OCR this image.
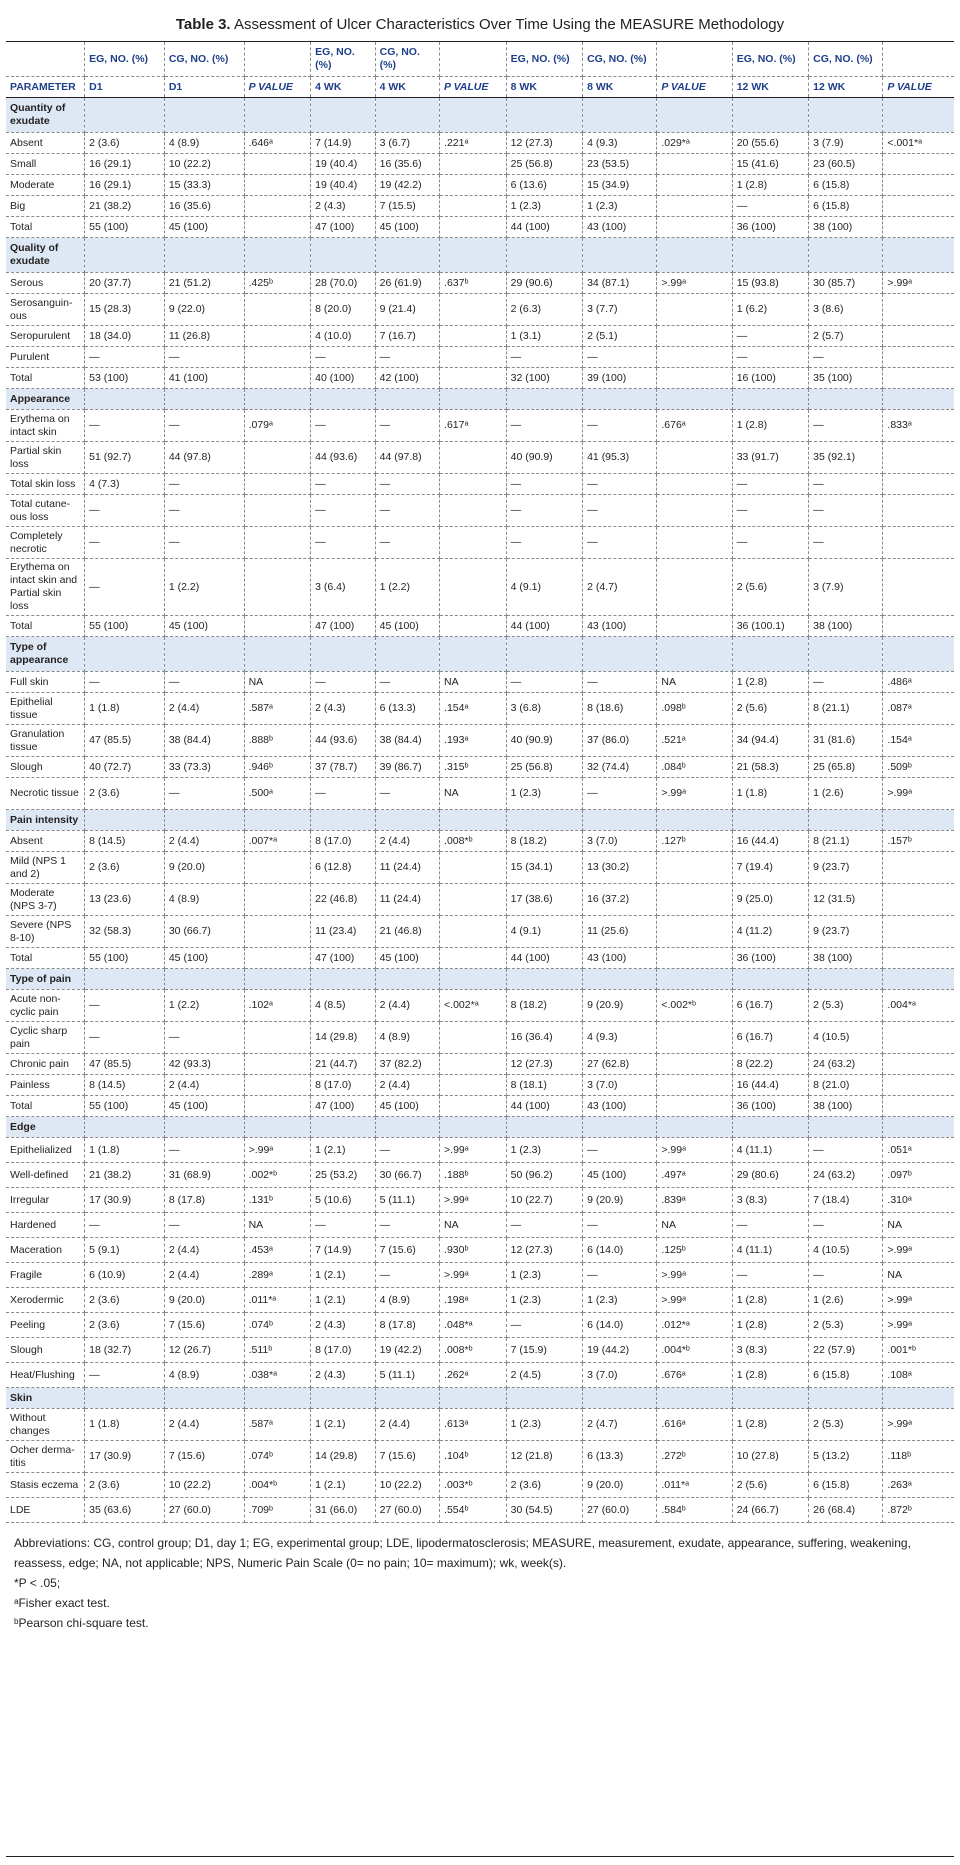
Table 3. Assessment of Ulcer Characteristics Over Time Using the MEASURE Methodology
	EG, NO. (%)	CG, NO. (%)		EG, NO. (%)	CG, NO. (%)		EG, NO. (%)	CG, NO. (%)		EG, NO. (%)	CG, NO. (%)	
PARAMETER	D1	D1	P VALUE	4 WK	4 WK	P VALUE	8 WK	8 WK	P VALUE	12 WK	12 WK	P VALUE
Quantity of exudate												
Absent	2 (3.6)	4 (8.9)	.646ᵃ	7 (14.9)	3 (6.7)	.221ᵃ	12 (27.3)	4 (9.3)	.029*ᵃ	20 (55.6)	3 (7.9)	<.001*ᵃ
Small	16 (29.1)	10 (22.2)		19 (40.4)	16 (35.6)		25 (56.8)	23 (53.5)		15 (41.6)	23 (60.5)	
Moderate	16 (29.1)	15 (33.3)		19 (40.4)	19 (42.2)		6 (13.6)	15 (34.9)		1 (2.8)	6 (15.8)	
Big	21 (38.2)	16 (35.6)		2 (4.3)	7 (15.5)		1 (2.3)	1 (2.3)		—	6 (15.8)	
Total	55 (100)	45 (100)		47 (100)	45 (100)		44 (100)	43 (100)		36 (100)	38 (100)	
Quality of exudate												
Serous	20 (37.7)	21 (51.2)	.425ᵇ	28 (70.0)	26 (61.9)	.637ᵇ	29 (90.6)	34 (87.1)	>.99ᵃ	15 (93.8)	30 (85.7)	>.99ᵃ
Serosanguin-ous	15 (28.3)	9 (22.0)		8 (20.0)	9 (21.4)		2 (6.3)	3 (7.7)		1 (6.2)	3 (8.6)	
Seropurulent	18 (34.0)	11 (26.8)		4 (10.0)	7 (16.7)		1 (3.1)	2 (5.1)		—	2 (5.7)	
Purulent	—	—		—	—		—	—		—	—	
Total	53 (100)	41 (100)		40 (100)	42 (100)		32 (100)	39 (100)		16 (100)	35 (100)	
Appearance												
Erythema on intact skin	—	—	.079ᵃ	—	—	.617ᵃ	—	—	.676ᵃ	1 (2.8)	—	.833ᵃ
Partial skin loss	51 (92.7)	44 (97.8)		44 (93.6)	44 (97.8)		40 (90.9)	41 (95.3)		33 (91.7)	35 (92.1)	
Total skin loss	4 (7.3)	—		—	—		—	—		—	—	
Total cutane-ous loss	—	—		—	—		—	—		—	—	
Completely necrotic	—	—		—	—		—	—		—	—	
Erythema on intact skin and Partial skin loss	—	1 (2.2)		3 (6.4)	1 (2.2)		4 (9.1)	2 (4.7)		2 (5.6)	3 (7.9)	
Total	55 (100)	45 (100)		47 (100)	45 (100)		44 (100)	43 (100)		36 (100.1)	38 (100)	
Type of appearance												
Full skin	—	—	NA	—	—	NA	—	—	NA	1 (2.8)	—	.486ᵃ
Epithelial tissue	1 (1.8)	2 (4.4)	.587ᵃ	2 (4.3)	6 (13.3)	.154ᵃ	3 (6.8)	8 (18.6)	.098ᵇ	2 (5.6)	8 (21.1)	.087ᵃ
Granulation tissue	47 (85.5)	38 (84.4)	.888ᵇ	44 (93.6)	38 (84.4)	.193ᵃ	40 (90.9)	37 (86.0)	.521ᵃ	34 (94.4)	31 (81.6)	.154ᵃ
Slough	40 (72.7)	33 (73.3)	.946ᵇ	37 (78.7)	39 (86.7)	.315ᵇ	25 (56.8)	32 (74.4)	.084ᵇ	21 (58.3)	25 (65.8)	.509ᵇ
Necrotic tissue	2 (3.6)	—	.500ᵃ	—	—	NA	1 (2.3)	—	>.99ᵃ	1 (1.8)	1 (2.6)	>.99ᵃ
Pain intensity												
Absent	8 (14.5)	2 (4.4)	.007*ᵃ	8 (17.0)	2 (4.4)	.008*ᵇ	8 (18.2)	3 (7.0)	.127ᵇ	16 (44.4)	8 (21.1)	.157ᵇ
Mild (NPS 1 and 2)	2 (3.6)	9 (20.0)		6 (12.8)	11 (24.4)		15 (34.1)	13 (30.2)		7 (19.4)	9 (23.7)	
Moderate (NPS 3-7)	13 (23.6)	4 (8.9)		22 (46.8)	11 (24.4)		17 (38.6)	16 (37.2)		9 (25.0)	12 (31.5)	
Severe (NPS 8-10)	32 (58.3)	30 (66.7)		11 (23.4)	21 (46.8)		4 (9.1)	11 (25.6)		4 (11.2)	9 (23.7)	
Total	55 (100)	45 (100)		47 (100)	45 (100)		44 (100)	43 (100)		36 (100)	38 (100)	
Type of pain												
Acute non-cyclic pain	—	1 (2.2)	.102ᵃ	4 (8.5)	2 (4.4)	<.002*ᵃ	8 (18.2)	9 (20.9)	<.002*ᵇ	6 (16.7)	2 (5.3)	.004*ᵃ
Cyclic sharp pain	—	—		14 (29.8)	4 (8.9)		16 (36.4)	4 (9.3)		6 (16.7)	4 (10.5)	
Chronic pain	47 (85.5)	42 (93.3)		21 (44.7)	37 (82.2)		12 (27.3)	27 (62.8)		8 (22.2)	24 (63.2)	
Painless	8 (14.5)	2 (4.4)		8 (17.0)	2 (4.4)		8 (18.1)	3 (7.0)		16 (44.4)	8 (21.0)	
Total	55 (100)	45 (100)		47 (100)	45 (100)		44 (100)	43 (100)		36 (100)	38 (100)	
Edge												
Epithelialized	1 (1.8)	—	>.99ᵃ	1 (2.1)	—	>.99ᵃ	1 (2.3)	—	>.99ᵃ	4 (11.1)	—	.051ᵃ
Well-defined	21 (38.2)	31 (68.9)	.002*ᵇ	25 (53.2)	30 (66.7)	.188ᵇ	50 (96.2)	45 (100)	.497ᵃ	29 (80.6)	24 (63.2)	.097ᵇ
Irregular	17 (30.9)	8 (17.8)	.131ᵇ	5 (10.6)	5 (11.1)	>.99ᵃ	10 (22.7)	9 (20.9)	.839ᵃ	3 (8.3)	7 (18.4)	.310ᵃ
Hardened	—	—	NA	—	—	NA	—	—	NA	—	—	NA
Maceration	5 (9.1)	2 (4.4)	.453ᵃ	7 (14.9)	7 (15.6)	.930ᵇ	12 (27.3)	6 (14.0)	.125ᵇ	4 (11.1)	4 (10.5)	>.99ᵃ
Fragile	6 (10.9)	2 (4.4)	.289ᵃ	1 (2.1)	—	>.99ᵃ	1 (2.3)	—	>.99ᵃ	—	—	NA
Xerodermic	2 (3.6)	9 (20.0)	.011*ᵃ	1 (2.1)	4 (8.9)	.198ᵃ	1 (2.3)	1 (2.3)	>.99ᵃ	1 (2.8)	1 (2.6)	>.99ᵃ
Peeling	2 (3.6)	7 (15.6)	.074ᵇ	2 (4.3)	8 (17.8)	.048*ᵃ	—	6 (14.0)	.012*ᵃ	1 (2.8)	2 (5.3)	>.99ᵃ
Slough	18 (32.7)	12 (26.7)	.511ᵇ	8 (17.0)	19 (42.2)	.008*ᵇ	7 (15.9)	19 (44.2)	.004*ᵇ	3 (8.3)	22 (57.9)	.001*ᵇ
Heat/Flushing	—	4 (8.9)	.038*ᵃ	2 (4.3)	5 (11.1)	.262ᵃ	2 (4.5)	3 (7.0)	.676ᵃ	1 (2.8)	6 (15.8)	.108ᵃ
Skin												
Without changes	1 (1.8)	2 (4.4)	.587ᵃ	1 (2.1)	2 (4.4)	.613ᵃ	1 (2.3)	2 (4.7)	.616ᵃ	1 (2.8)	2 (5.3)	>.99ᵃ
Ocher derma-titis	17 (30.9)	7 (15.6)	.074ᵇ	14 (29.8)	7 (15.6)	.104ᵇ	12 (21.8)	6 (13.3)	.272ᵇ	10 (27.8)	5 (13.2)	.118ᵇ
Stasis eczema	2 (3.6)	10 (22.2)	.004*ᵇ	1 (2.1)	10 (22.2)	.003*ᵇ	2 (3.6)	9 (20.0)	.011*ᵃ	2 (5.6)	6 (15.8)	.263ᵃ
LDE	35 (63.6)	27 (60.0)	.709ᵇ	31 (66.0)	27 (60.0)	.554ᵇ	30 (54.5)	27 (60.0)	.584ᵇ	24 (66.7)	26 (68.4)	.872ᵇ
Abbreviations: CG, control group; D1, day 1; EG, experimental group; LDE, lipodermatosclerosis; MEASURE, measurement, exudate, appearance, suffering, weakening, reassess, edge; NA, not applicable; NPS, Numeric Pain Scale (0= no pain; 10= maximum); wk, week(s).
*P < .05;
ᵃFisher exact test.
ᵇPearson chi-square test.
